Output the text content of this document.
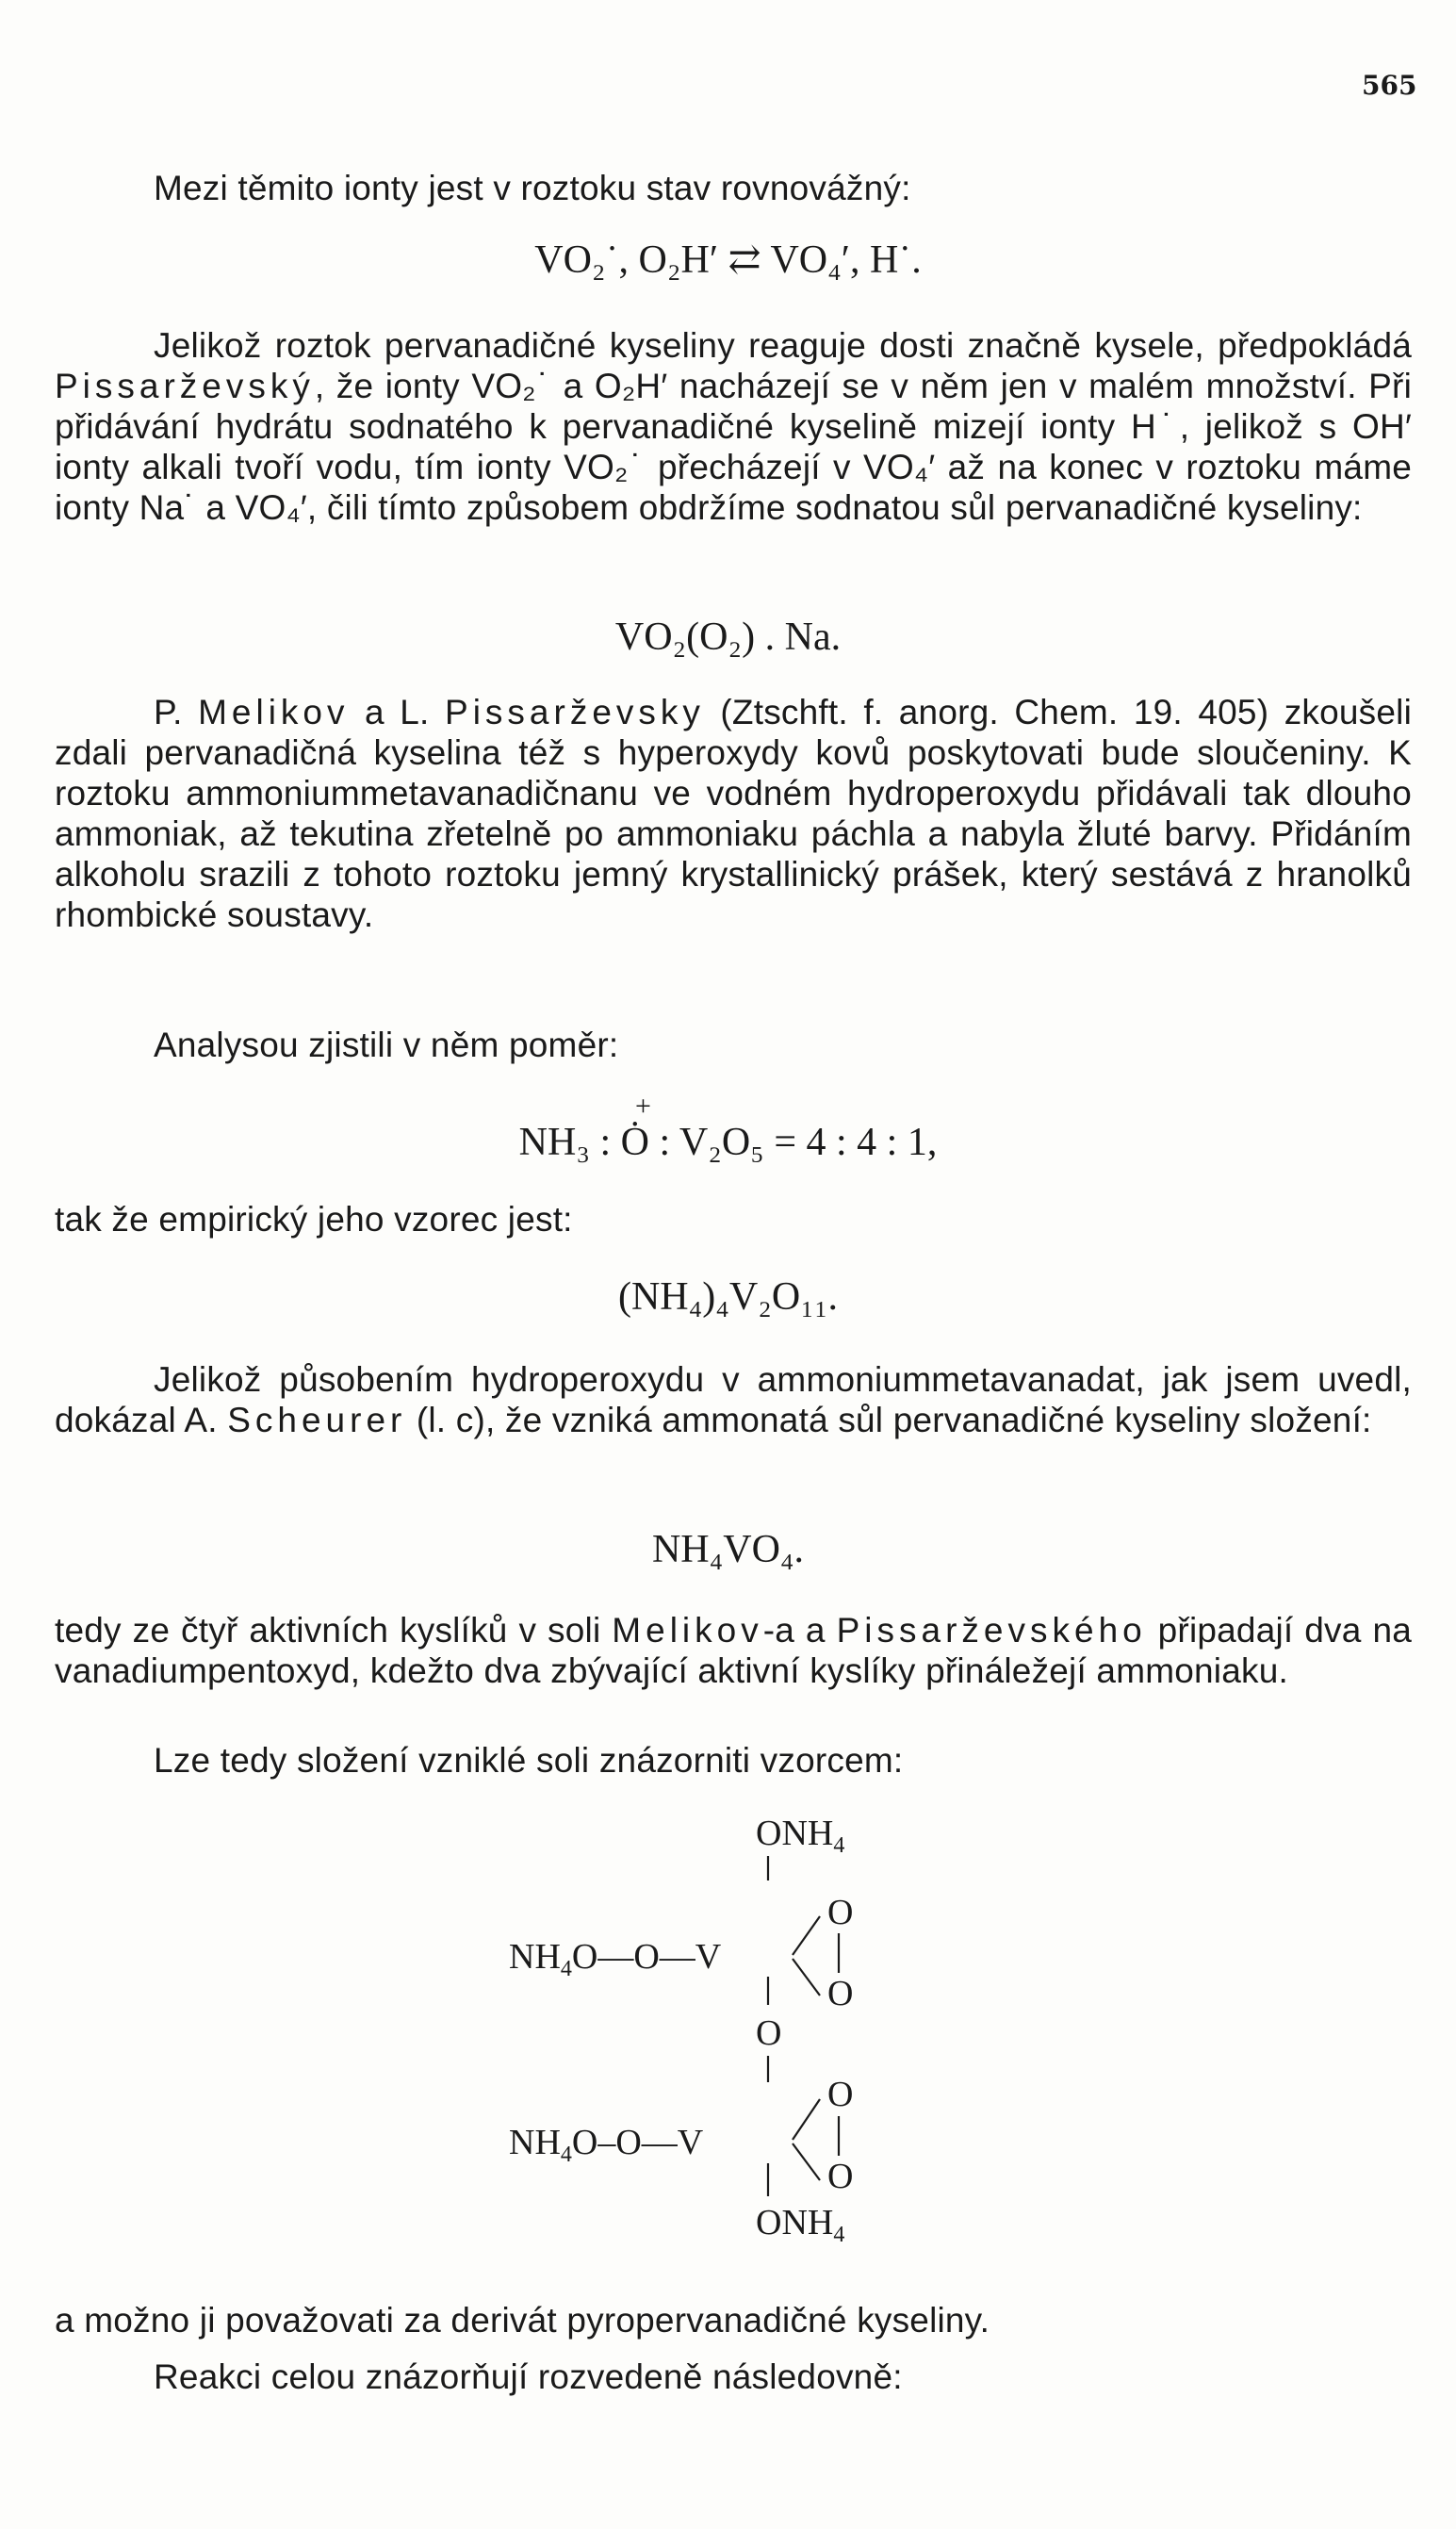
565
Mezi těmito ionty jest v roztoku stav rovnovážný:
VO₂˙, O₂H′ ⇄ VO₄′, H˙.
Jelikož roztok pervanadičné kyseliny reaguje dosti značně kysele, předpokládá Pissarževský, že ionty VO₂˙ a O₂H′ nacházejí se v něm jen v malém množství. Při přidávání hydrátu sodnatého k pervanadičné kyselině mizejí ionty H˙, jelikož s OH′ ionty alkali tvoří vodu, tím ionty VO₂˙ přecházejí v VO₄′ až na konec v roztoku máme ionty Na˙ a VO₄′, čili tímto způsobem obdržíme sodnatou sůl pervanadičné kyseliny:
VO₂(O₂) . Na.
P. Melikov a L. Pissarževsky (Ztschft. f. anorg. Chem. 19. 405) zkoušeli zdali pervanadičná kyselina též s hyperoxydy kovů poskytovati bude sloučeniny. K roztoku ammoniummetavanadičnanu ve vodném hydroperoxydu přidávali tak dlouho ammoniak, až tekutina zřetelně po ammoniaku páchla a nabyla žluté barvy. Přidáním alkoholu srazili z tohoto roztoku jemný krystallinický prášek, který sestává z hranolků rhombické soustavy.
Analysou zjistili v něm poměr:
+
NH₃ : Ȯ : V₂O₅ = 4 : 4 : 1,
tak že empirický jeho vzorec jest:
(NH₄)₄V₂O₁₁.
Jelikož působením hydroperoxydu v ammoniummetavanadat, jak jsem uvedl, dokázal A. Scheurer (l. c), že vzniká ammonatá sůl pervanadičné kyseliny složení:
NH₄VO₄.
tedy ze čtyř aktivních kyslíků v soli Melikov-a a Pissarževského připadají dva na vanadiumpentoxyd, kdežto dva zbývající aktivní kyslíky přináležejí ammoniaku.
Lze tedy složení vzniklé soli znázorniti vzorcem:
$ONH_4$
$NH_4O—O—V$
O
O
O
O
$NH_4O-O—V$
O
$ONH_4$
a možno ji považovati za derivát pyropervanadičné kyseliny.
Reakci celou znázorňují rozvedeně následovně:
